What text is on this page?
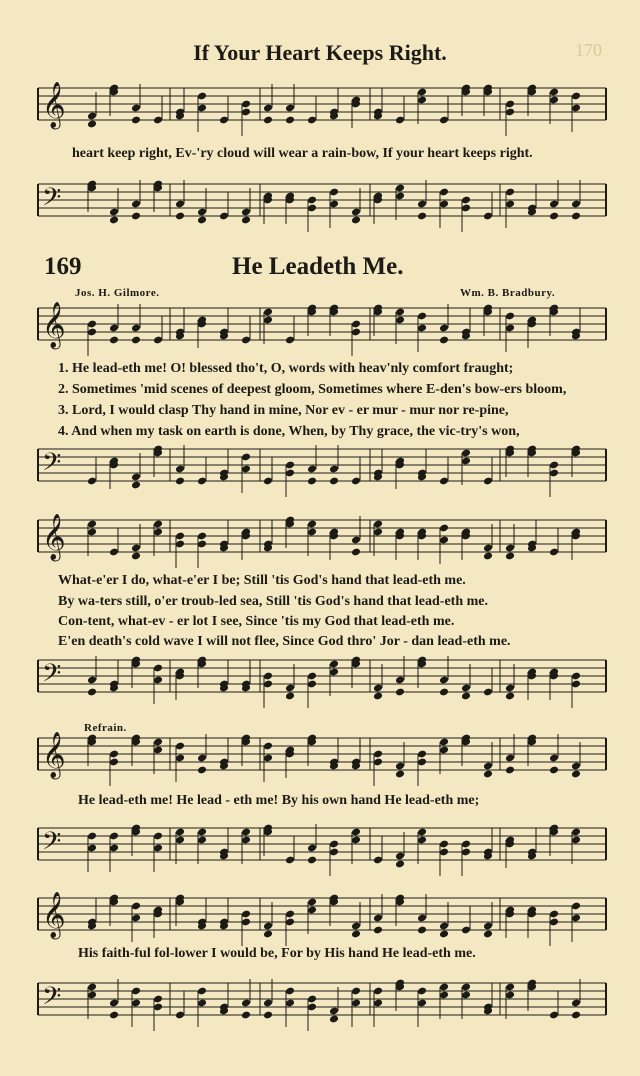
170
If Your Heart Keeps Right.
𝄞
heart keep right, Ev-'ry cloud will wear a rain-bow, If your heart keeps right.
𝄢
169	He Leadeth Me.
Jos. H. Gilmore.	Wm. B. Bradbury.
𝄞
1. He lead-eth me! O! blessed tho't, O, words with heav'nly comfort fraught;
2. Sometimes 'mid scenes of deepest gloom, Sometimes where E-den's bow-ers bloom,
3. Lord, I would clasp Thy hand in mine, Nor ev - er mur - mur nor re-pine,
4. And when my task on earth is done, When, by Thy grace, the vic-try's won,
𝄢
𝄞
What-e'er I do, what-e'er I be; Still 'tis God's hand that lead-eth me.
By wa-ters still, o'er troub-led sea, Still 'tis God's hand that lead-eth me.
Con-tent, what-ev - er lot I see, Since 'tis my God that lead-eth me.
E'en death's cold wave I will not flee, Since God thro' Jor - dan lead-eth me.
𝄢
Refrain.
𝄞
He lead-eth me! He lead - eth me! By his own hand He lead-eth me;
𝄢
𝄞
His faith-ful fol-lower I would be, For by His hand He lead-eth me.
𝄢
